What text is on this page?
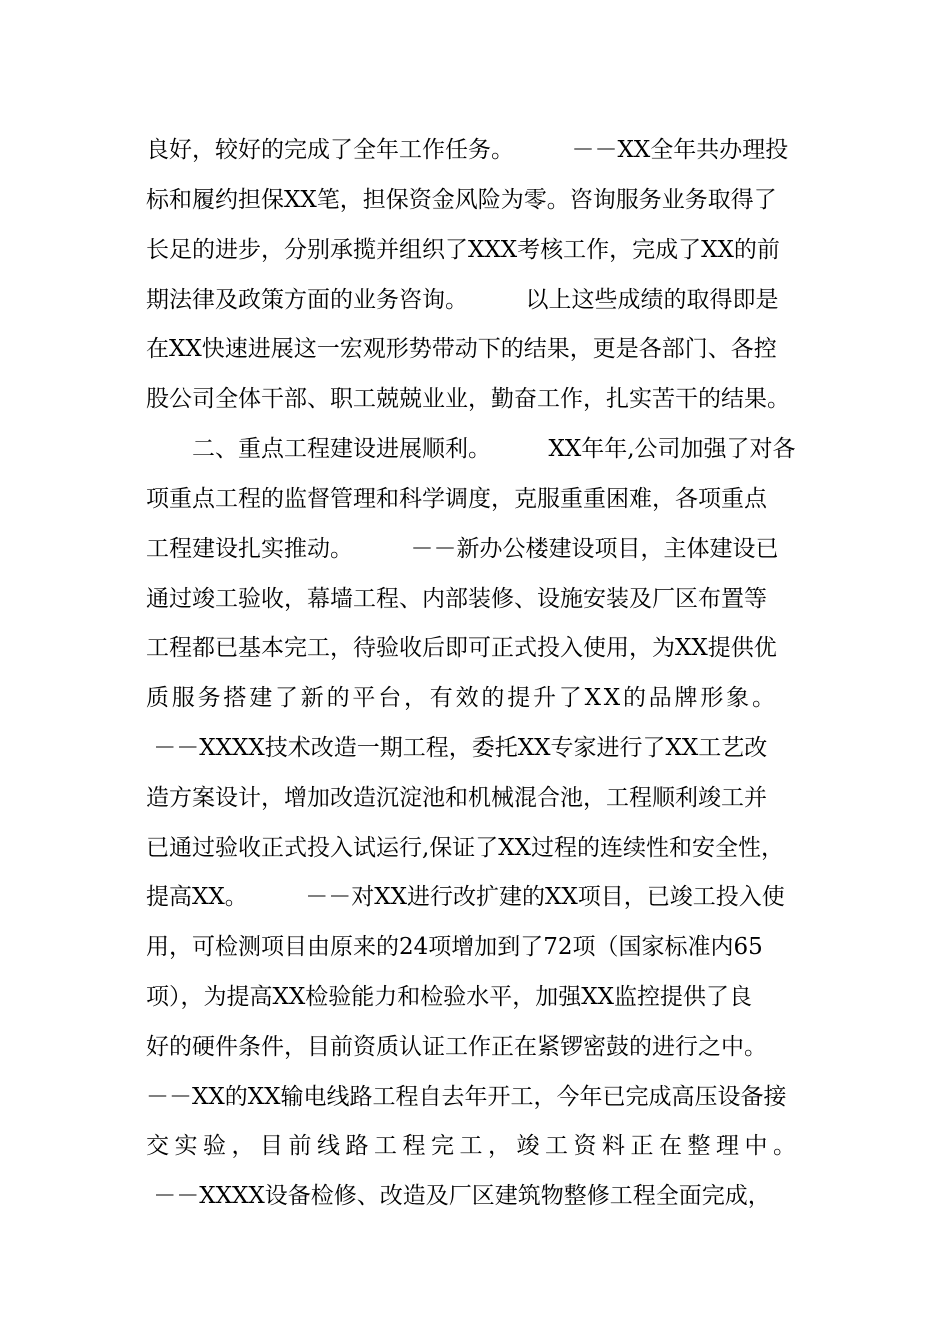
良好，较好的完成了全年工作任务。　　　－－XX全年共办理投
标和履约担保XX笔，担保资金风险为零。咨询服务业务取得了
长足的进步，分别承揽并组织了XXX考核工作，完成了XX的前
期法律及政策方面的业务咨询。　　　以上这些成绩的取得即是
在XX快速进展这一宏观形势带动下的结果，更是各部门、各控
股公司全体干部、职工兢兢业业，勤奋工作，扎实苦干的结果。
　　二、重点工程建设进展顺利。　　　XX年年,公司加强了对各
项重点工程的监督管理和科学调度，克服重重困难，各项重点
工程建设扎实推动。　　　－－新办公楼建设项目，主体建设已
通过竣工验收，幕墙工程、内部装修、设施安装及厂区布置等
工程都已基本完工，待验收后即可正式投入使用，为XX提供优
质服务搭建了新的平台，有效的提升了XX的品牌形象。
－－XXXX技术改造一期工程，委托XX专家进行了XX工艺改
造方案设计，增加改造沉淀池和机械混合池，工程顺利竣工并
已通过验收正式投入试运行,保证了XX过程的连续性和安全性，
提高XX。　　　－－对XX进行改扩建的XX项目，已竣工投入使
用，可检测项目由原来的24项增加到了72项（国家标准内65
项），为提高XX检验能力和检验水平，加强XX监控提供了良
好的硬件条件，目前资质认证工作正在紧锣密鼓的进行之中。
－－XX的XX输电线路工程自去年开工，今年已完成高压设备接
交实验，目前线路工程完工，竣工资料正在整理中。
－－XXXX设备检修、改造及厂区建筑物整修工程全面完成，
